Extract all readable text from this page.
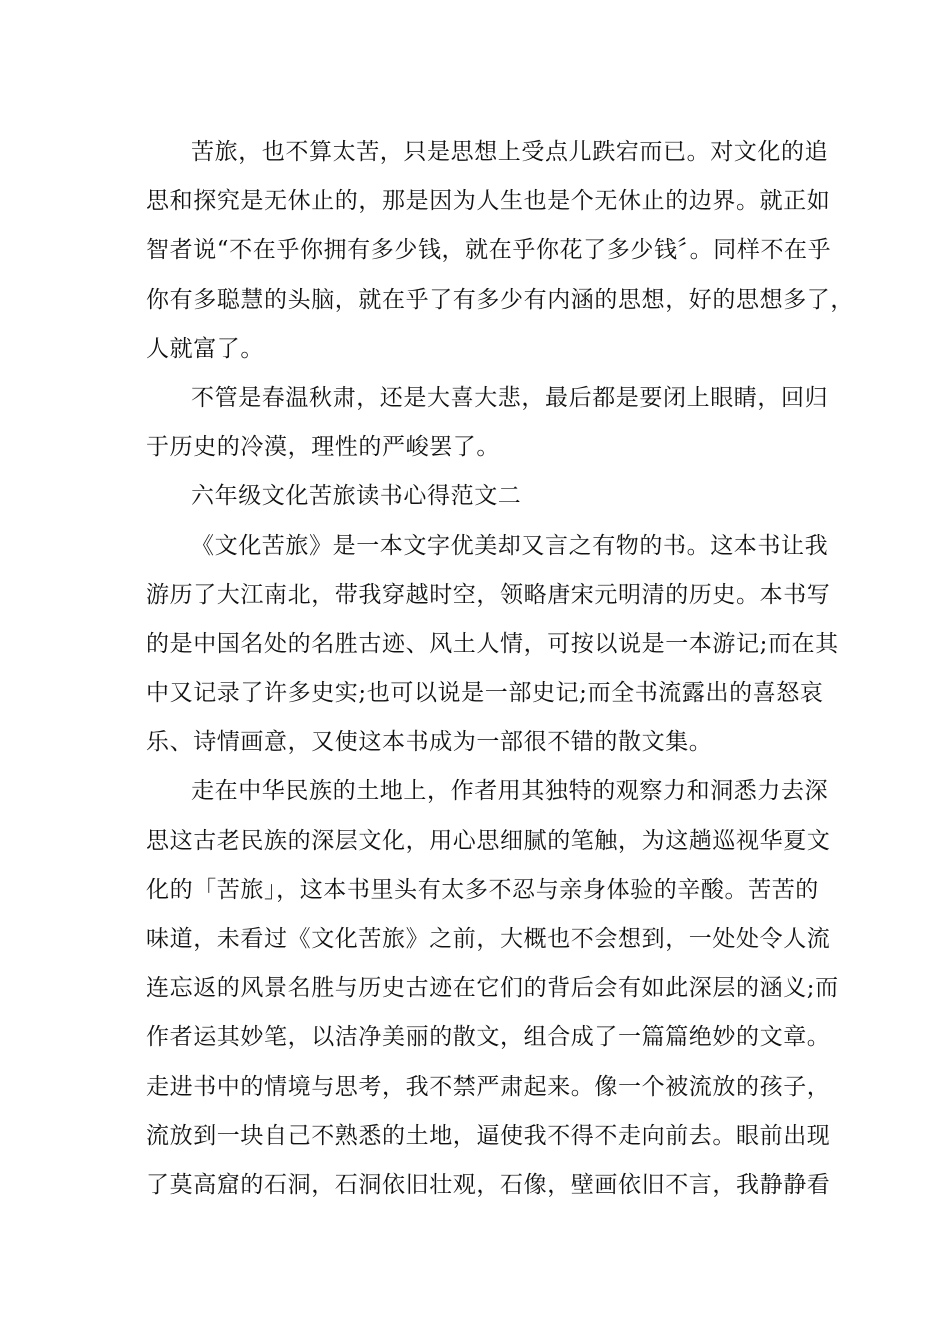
苦旅，也不算太苦，只是思想上受点儿跌宕而已。对文化的追
思和探究是无休止的，那是因为人生也是个无休止的边界。就正如
智者说“不在乎你拥有多少钱，就在乎你花了多少钱〞。同样不在乎
你有多聪慧的头脑，就在乎了有多少有内涵的思想，好的思想多了，
人就富了。
不管是春温秋肃，还是大喜大悲，最后都是要闭上眼睛，回归
于历史的冷漠，理性的严峻罢了。
六年级文化苦旅读书心得范文二
《文化苦旅》是一本文字优美却又言之有物的书。这本书让我
游历了大江南北，带我穿越时空，领略唐宋元明清的历史。本书写
的是中国名处的名胜古迹、风土人情，可按以说是一本游记;而在其
中又记录了许多史实;也可以说是一部史记;而全书流露出的喜怒哀
乐、诗情画意，又使这本书成为一部很不错的散文集。
走在中华民族的土地上，作者用其独特的观察力和洞悉力去深
思这古老民族的深层文化，用心思细腻的笔触，为这趟巡视华夏文
化的「苦旅」，这本书里头有太多不忍与亲身体验的辛酸。苦苦的
味道，未看过《文化苦旅》之前，大概也不会想到，一处处令人流
连忘返的风景名胜与历史古迹在它们的背后会有如此深层的涵义;而
作者运其妙笔，以洁净美丽的散文，组合成了一篇篇绝妙的文章。
走进书中的情境与思考，我不禁严肃起来。像一个被流放的孩子，
流放到一块自己不熟悉的土地，逼使我不得不走向前去。眼前出现
了莫高窟的石洞，石洞依旧壮观，石像，壁画依旧不言，我静静看
